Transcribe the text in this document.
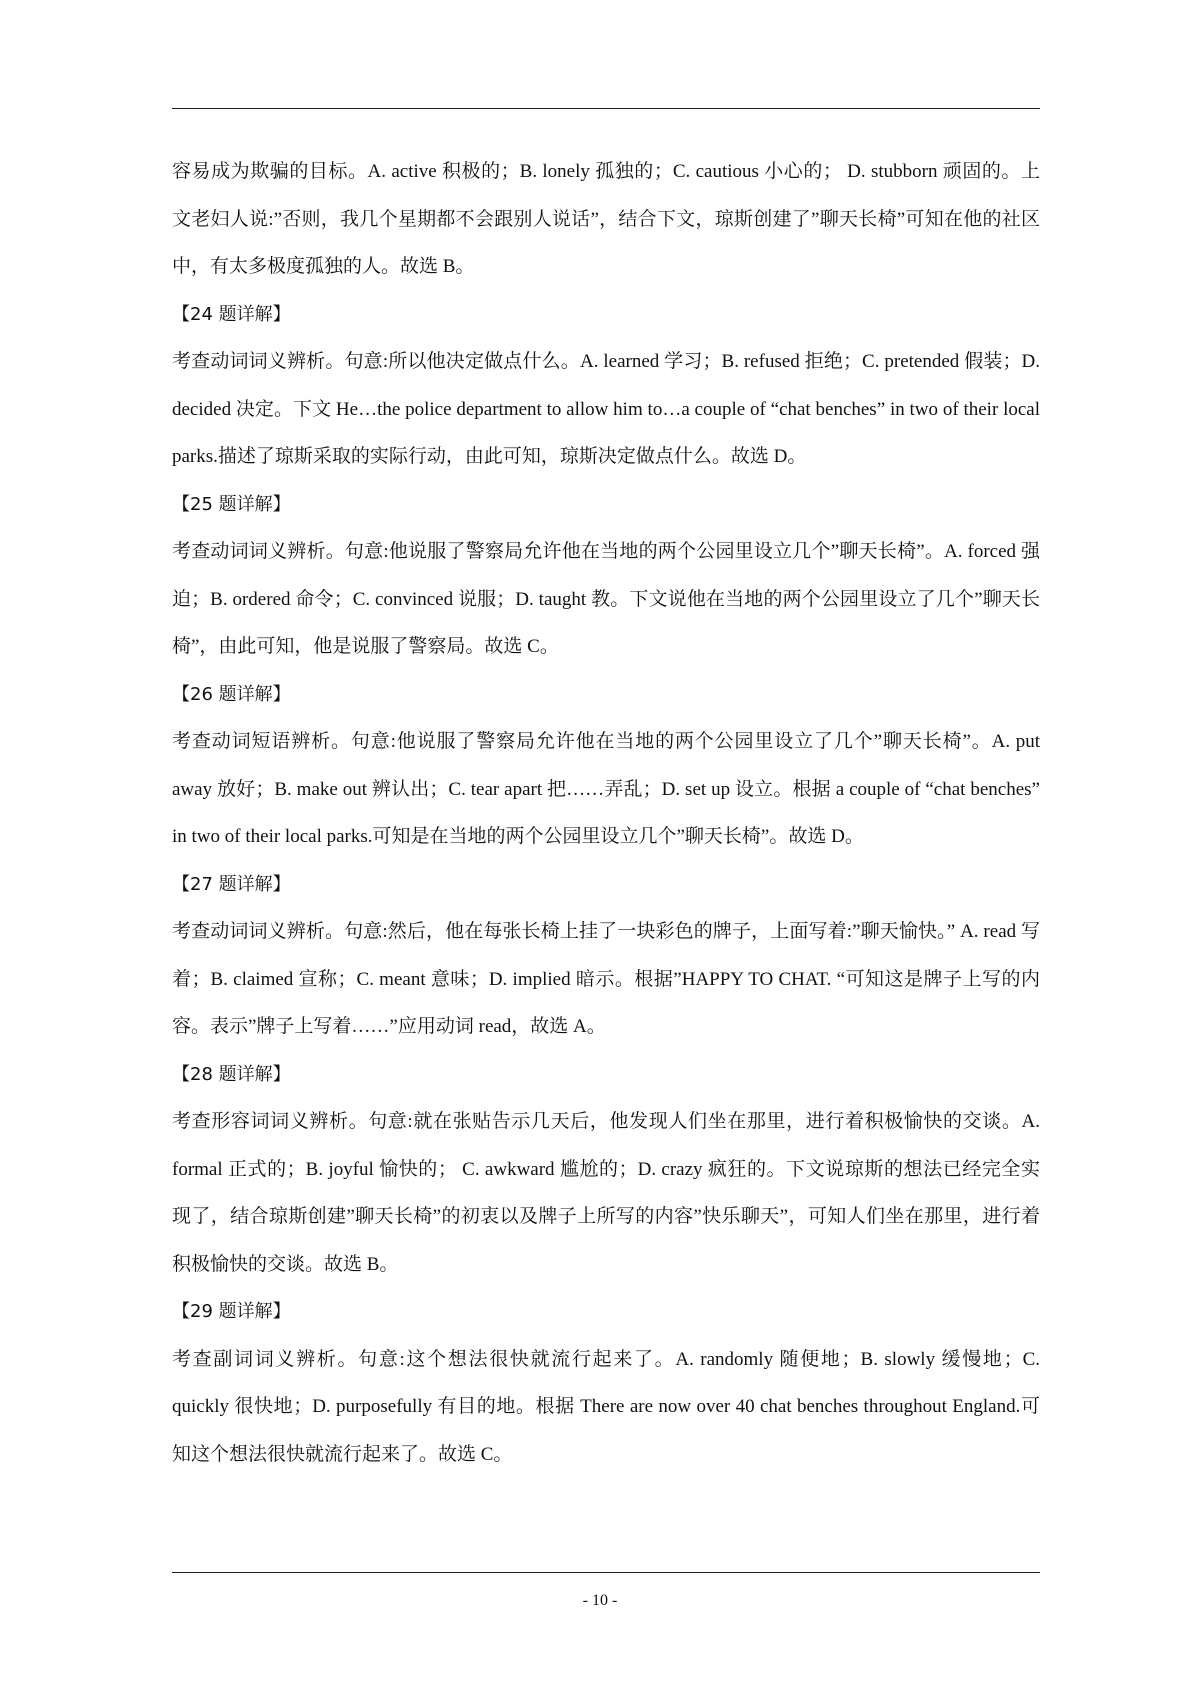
容易成为欺骗的目标。A. active 积极的；B. lonely 孤独的；C. cautious 小心的； D. stubborn 顽固的。上文老妇人说:”否则，我几个星期都不会跟别人说话”，结合下文，琼斯创建了”聊天长椅”可知在他的社区中，有太多极度孤独的人。故选 B。

【24 题详解】

考查动词词义辨析。句意:所以他决定做点什么。A. learned 学习；B. refused 拒绝；C. pretended 假装；D. decided 决定。下文 He…the police department to allow him to…a couple of “chat benches” in two of their local parks.描述了琼斯采取的实际行动，由此可知，琼斯决定做点什么。故选 D。

【25 题详解】

考查动词词义辨析。句意:他说服了警察局允许他在当地的两个公园里设立几个”聊天长椅”。A. forced 强迫；B. ordered 命令；C. convinced 说服；D. taught 教。下文说他在当地的两个公园里设立了几个”聊天长椅”，由此可知，他是说服了警察局。故选 C。

【26 题详解】

考查动词短语辨析。句意:他说服了警察局允许他在当地的两个公园里设立了几个”聊天长椅”。A. put away 放好；B. make out 辨认出；C. tear apart 把……弄乱；D. set up 设立。根据 a couple of “chat benches” in two of their local parks.可知是在当地的两个公园里设立几个”聊天长椅”。故选 D。

【27 题详解】

考查动词词义辨析。句意:然后，他在每张长椅上挂了一块彩色的牌子，上面写着:”聊天愉快。” A. read 写着；B. claimed 宣称；C. meant 意味；D. implied 暗示。根据”HAPPY TO CHAT. “可知这是牌子上写的内容。表示”牌子上写着……”应用动词 read，故选 A。

【28 题详解】

考查形容词词义辨析。句意:就在张贴告示几天后，他发现人们坐在那里，进行着积极愉快的交谈。A. formal 正式的；B. joyful 愉快的； C. awkward 尴尬的；D. crazy 疯狂的。下文说琼斯的想法已经完全实现了，结合琼斯创建”聊天长椅”的初衷以及牌子上所写的内容”快乐聊天”，可知人们坐在那里，进行着积极愉快的交谈。故选 B。

【29 题详解】

考查副词词义辨析。句意:这个想法很快就流行起来了。A. randomly 随便地；B. slowly 缓慢地；C. quickly 很快地；D. purposefully 有目的地。根据 There are now over 40 chat benches throughout England.可知这个想法很快就流行起来了。故选 C。

- 10 -
